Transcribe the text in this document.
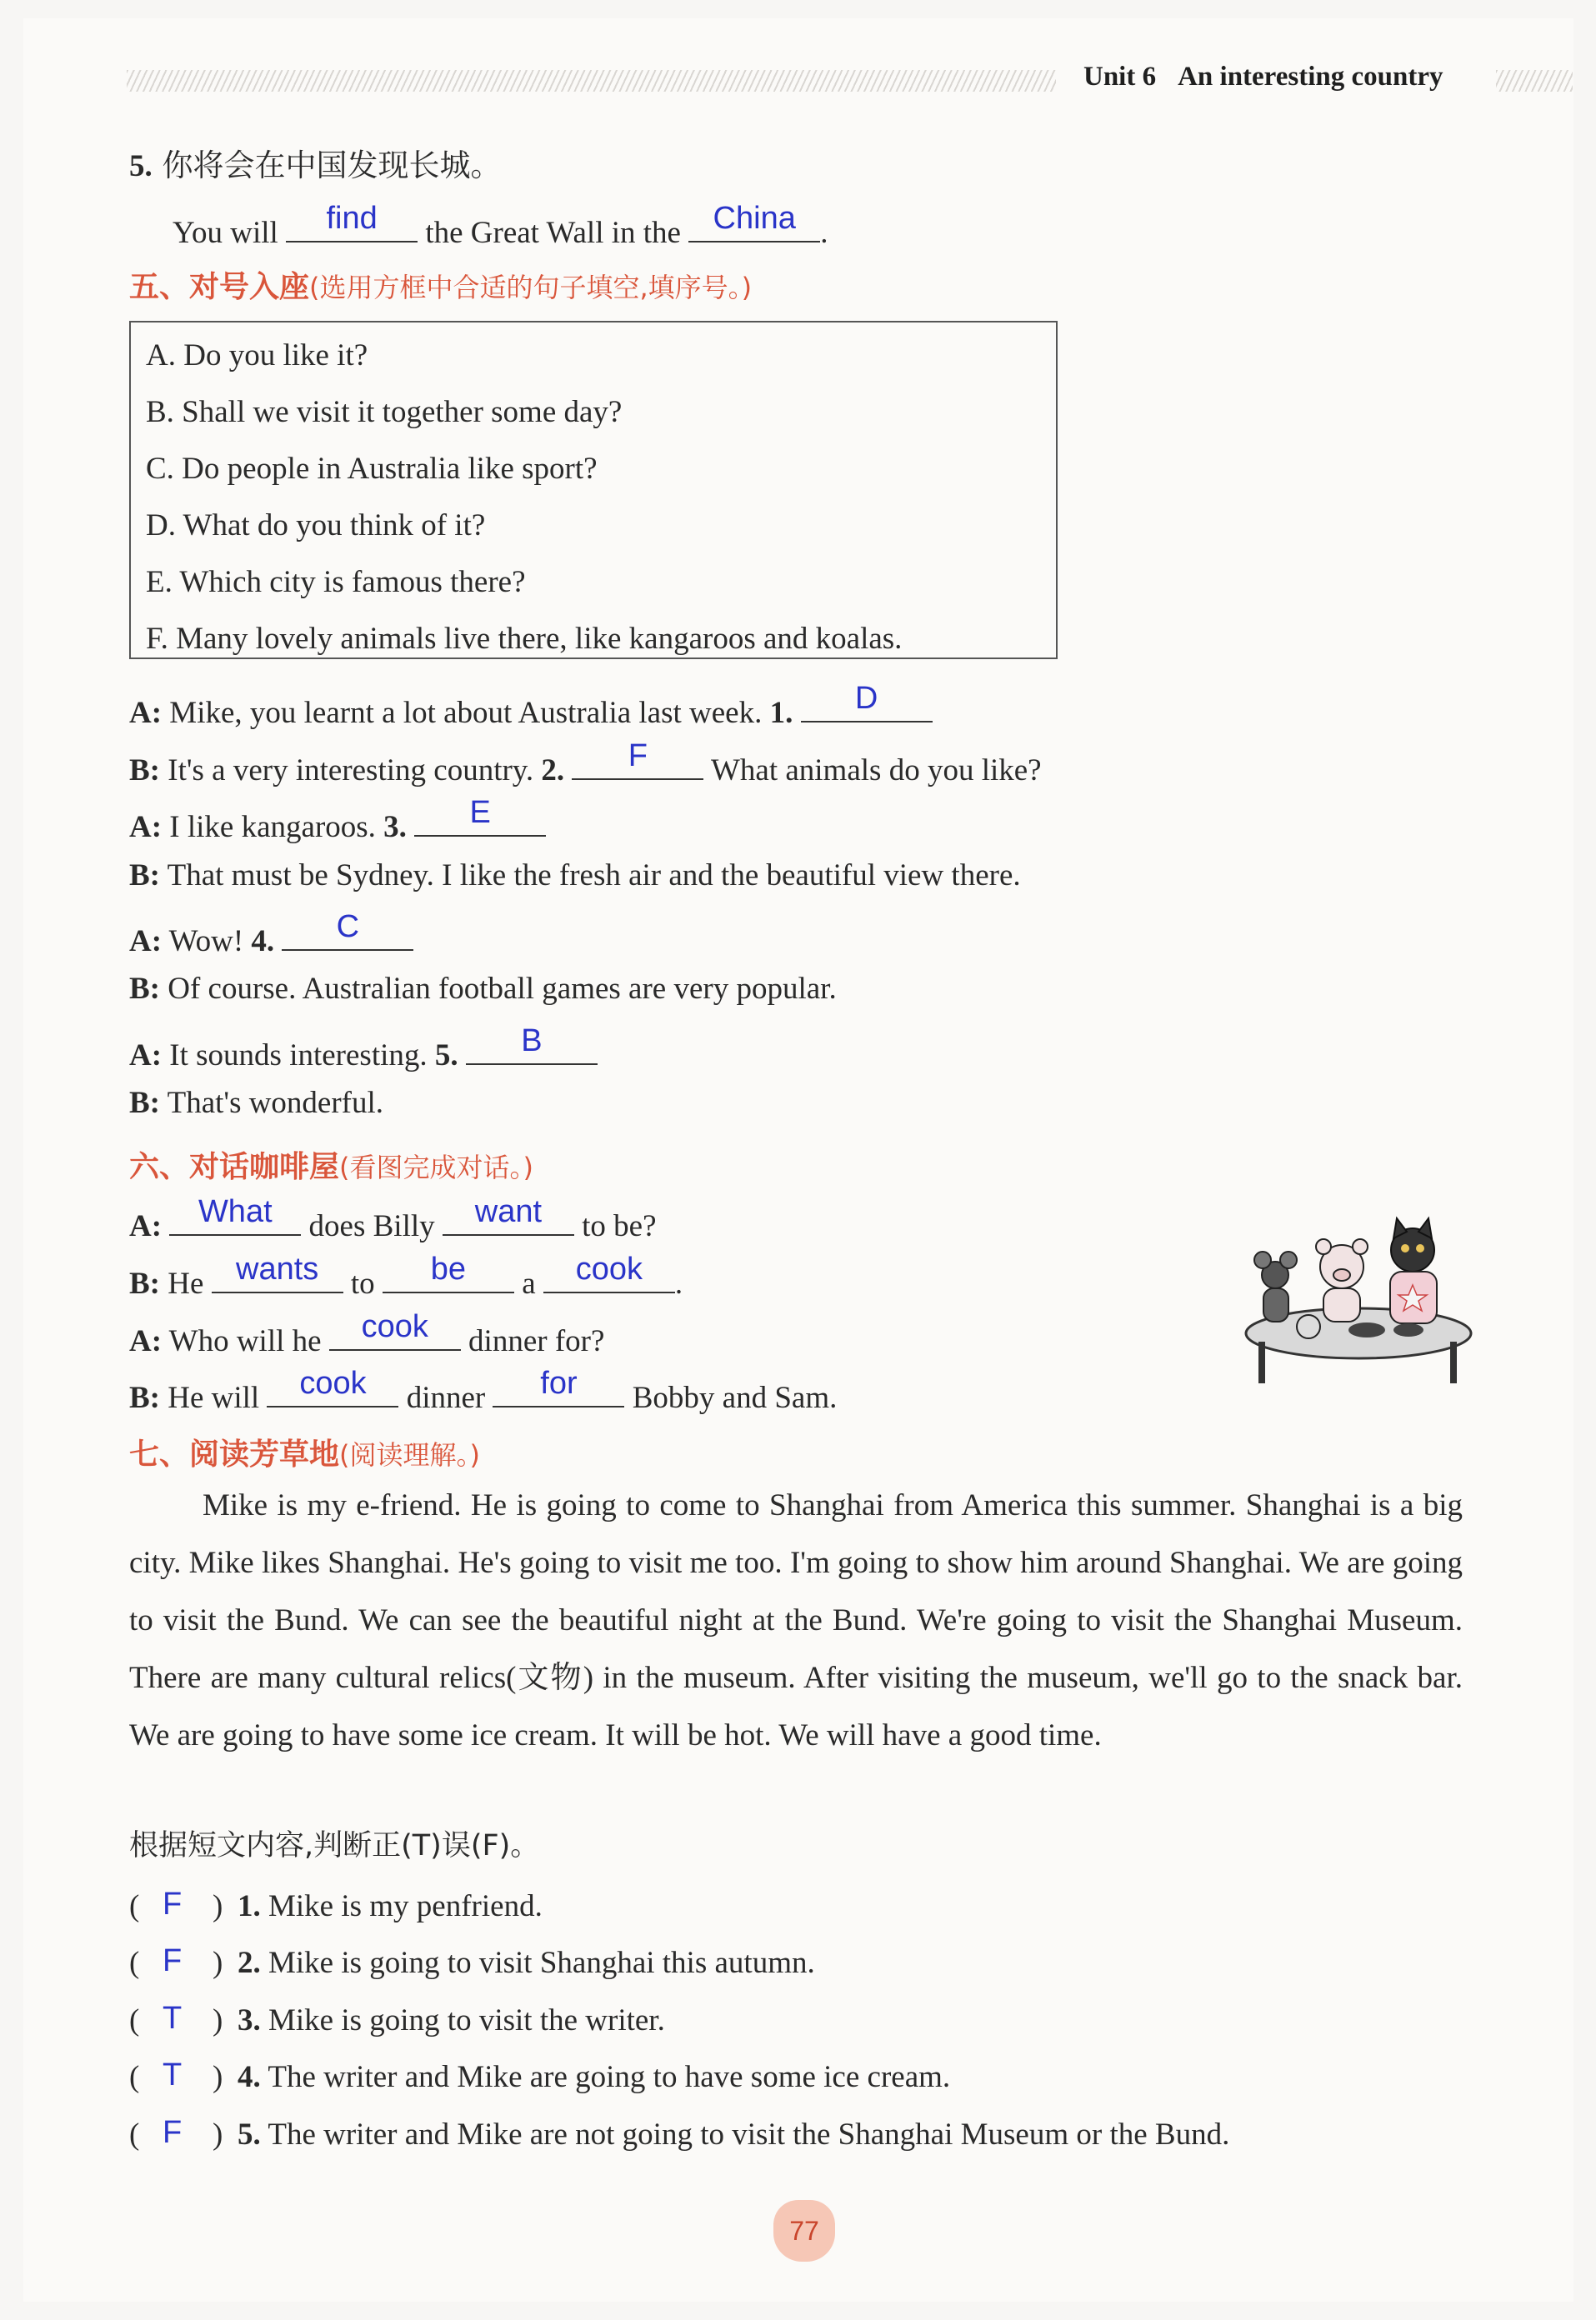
Unit 6 An interesting country
5. 你将会在中国发现长城。
You will	find	the Great Wall in the	China .
五、对号入座(选用方框中合适的句子填空,填序号。)
A. Do you like it?
B. Shall we visit it together some day?
C. Do people in Australia like sport?
D. What do you think of it?
E. Which city is famous there?
F. Many lovely animals live there, like kangaroos and koalas.
A: Mike, you learnt a lot about Australia last week. 1.	D
B: It's a very interesting country. 2.	F	What animals do you like?
A: I like kangaroos. 3.	E
B: That must be Sydney. I like the fresh air and the beautiful view there.
A: Wow! 4.	C
B: Of course. Australian football games are very popular.
A: It sounds interesting. 5.	B
B: That's wonderful.
六、对话咖啡屋(看图完成对话。)
A:	What	does Billy	want	to be?
B: He	wants	to	be	a	cook	.
A: Who will he	cook	dinner for?
B: He will	cook	dinner	for	Bobby and Sam.
七、阅读芳草地(阅读理解。)

Mike is my e-friend. He is going to come to Shanghai from America this summer. Shanghai is a big city. Mike likes Shanghai. He's going to visit me too. I'm going to show him around Shanghai. We are going to visit the Bund. We can see the beautiful night at the Bund. We're going to visit the Shanghai Museum. There are many cultural relics(文物) in the museum. After visiting the museum, we'll go to the snack bar. We are going to have some ice cream. It will be hot. We will have a good time.

根据短文内容,判断正(T)误(F)。
( F ) 1. Mike is my penfriend.
( F ) 2. Mike is going to visit Shanghai this autumn.
( T ) 3. Mike is going to visit the writer.
( T ) 4. The writer and Mike are going to have some ice cream.
( F ) 5. The writer and Mike are not going to visit the Shanghai Museum or the Bund.
77
